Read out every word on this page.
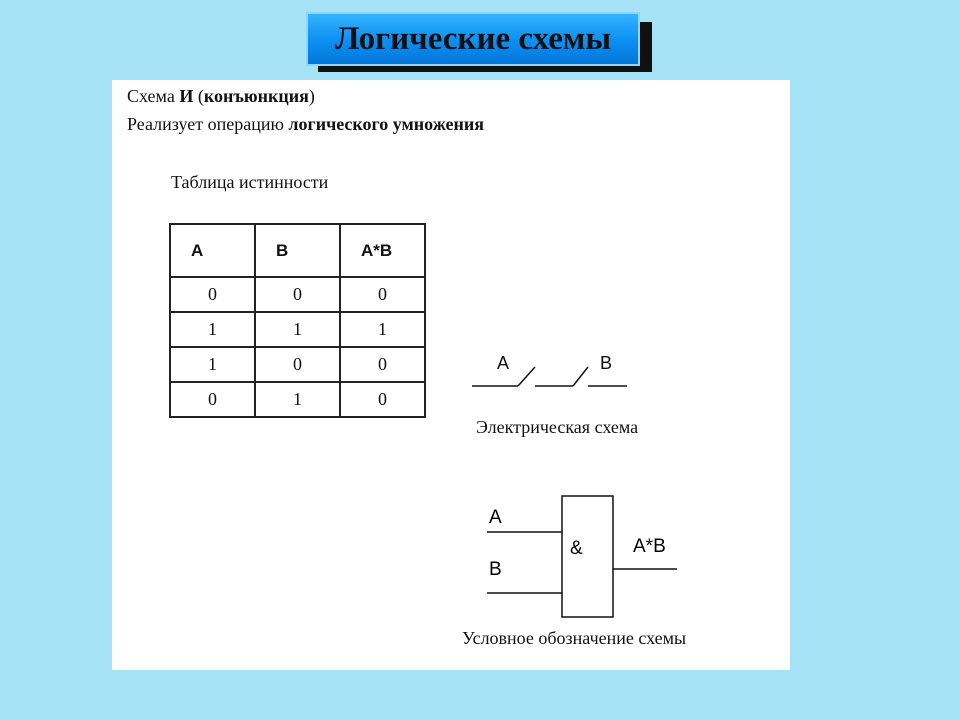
Логические схемы
Схема И (конъюнкция)
Реализует операцию логического умножения
Таблица истинности
A	B	A*B
0	0	0
1	1	1
1	0	0
0	1	0
A
B
&	A*B
A	B
Электрическая схема
Условное обозначение схемы
